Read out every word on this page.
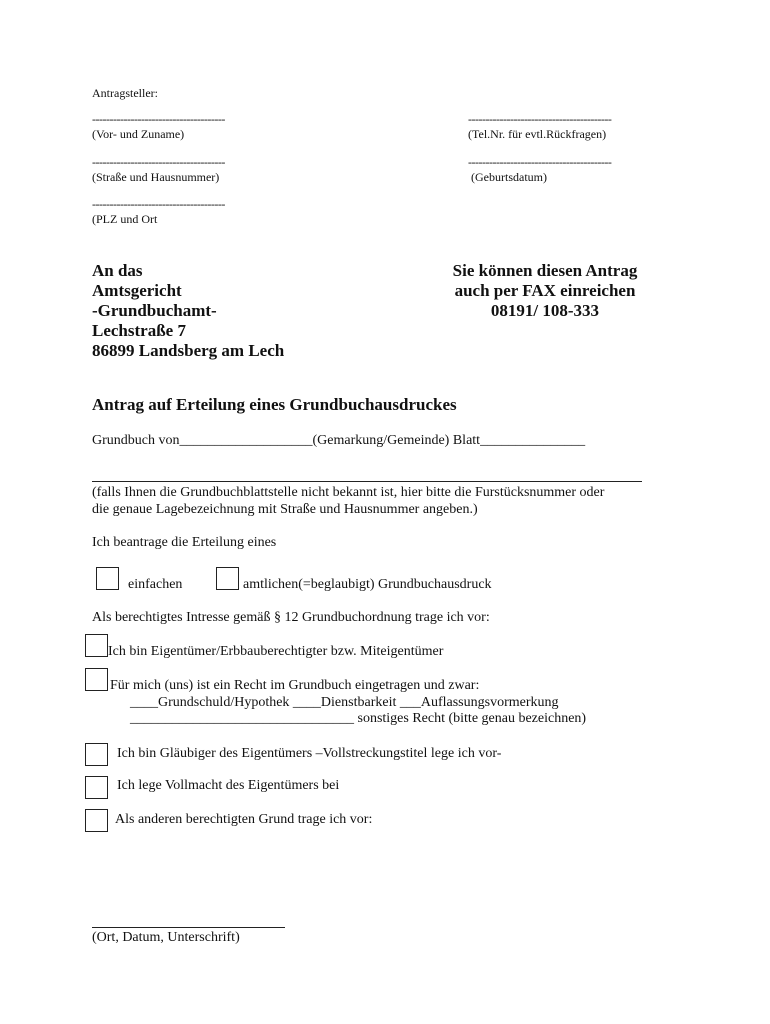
Antragsteller:
--------------------------------------
(Vor- und Zuname)
-----------------------------------------
(Tel.Nr. für evtl.Rückfragen)
--------------------------------------
(Straße und Hausnummer)
-----------------------------------------
(Geburtsdatum)
--------------------------------------
(PLZ und Ort
An das
Amtsgericht
-Grundbuchamt-
Lechstraße 7
86899 Landsberg am Lech
Sie können diesen Antrag
auch per FAX einreichen
08191/ 108-333
Antrag auf Erteilung eines Grundbuchausdruckes
Grundbuch von___________________(Gemarkung/Gemeinde) Blatt_______________
(falls Ihnen die Grundbuchblattstelle nicht bekannt ist, hier bitte die Furstücksnummer oder
die genaue Lagebezeichnung mit Straße und Hausnummer angeben.)
Ich beantrage die Erteilung eines
einfachen	amtlichen(=beglaubigt) Grundbuchausdruck
Als berechtigtes Intresse gemäß § 12 Grundbuchordnung trage ich vor:
Ich bin Eigentümer/Erbbauberechtigter bzw. Miteigentümer
Für mich (uns) ist ein Recht im Grundbuch eingetragen und zwar:
____Grundschuld/Hypothek ____Dienstbarkeit ___Auflassungsvormerkung
________________________________ sonstiges Recht (bitte genau bezeichnen)
Ich bin Gläubiger des Eigentümers –Vollstreckungstitel lege ich vor-
Ich lege Vollmacht des Eigentümers bei
Als anderen berechtigten Grund trage ich vor:
(Ort, Datum, Unterschrift)
